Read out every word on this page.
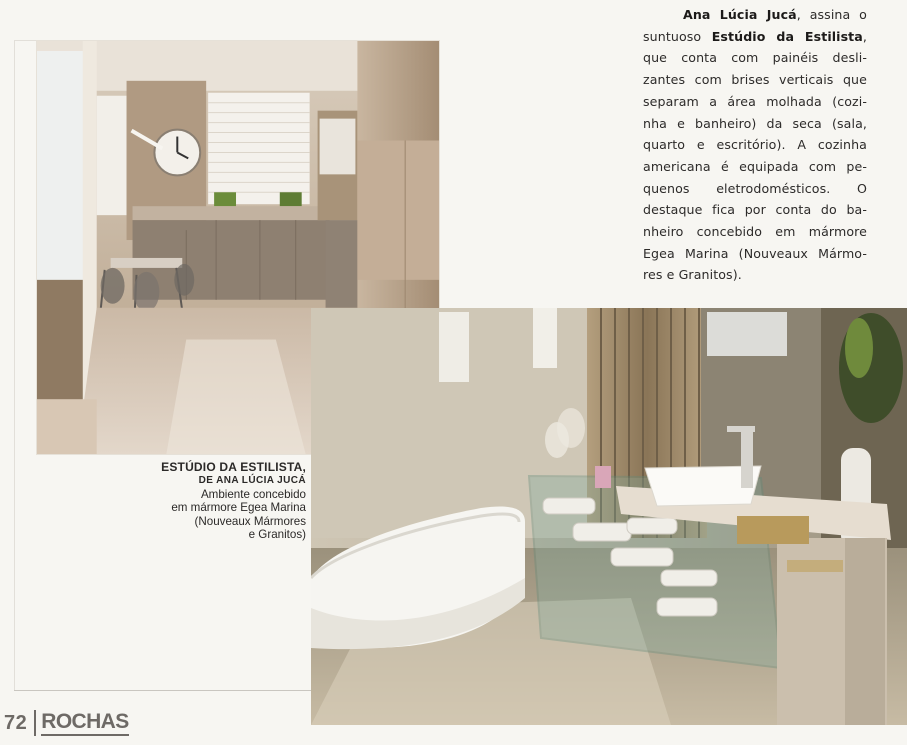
Ana Lúcia Jucá, assina o
suntuoso Estúdio da Estilista,
que conta com painéis desli-
zantes com brises verticais que
separam a área molhada (cozi-
nha e banheiro) da seca (sala,
quarto e escritório). A cozinha
americana é equipada com pe-
quenos eletrodomésticos. O
destaque fica por conta do ba-
nheiro concebido em mármore
Egea Marina (Nouveaux Mármo-
res e Granitos).
ESTÚDIO DA ESTILISTA,
DE ANA LÚCIA JUCÁ
Ambiente concebido
em mármore Egea Marina
(Nouveaux Mármores
e Granitos)
72 ROCHAS
